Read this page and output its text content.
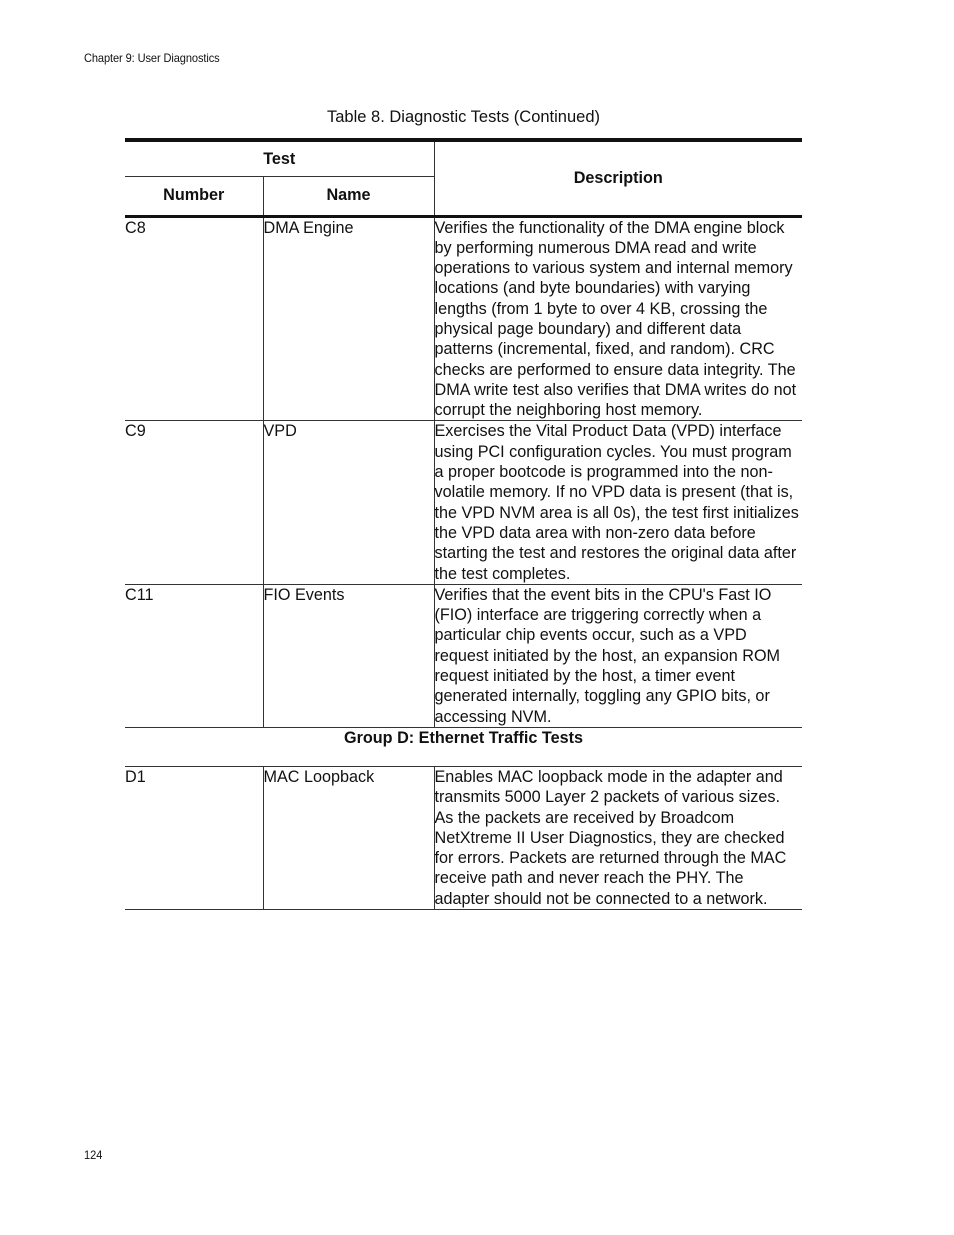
Chapter 9: User Diagnostics
Table 8. Diagnostic Tests (Continued)
Test		Description
Number	Name	
C8	DMA Engine	Verifies the functionality of the DMA engine block by performing numerous DMA read and write operations to various system and internal memory locations (and byte boundaries) with varying lengths (from 1 byte to over 4 KB, crossing the physical page boundary) and different data patterns (incremental, fixed, and random). CRC checks are performed to ensure data integrity. The DMA write test also verifies that DMA writes do not corrupt the neighboring host memory.
C9	VPD	Exercises the Vital Product Data (VPD) interface using PCI configuration cycles. You must program a proper bootcode is programmed into the non-volatile memory. If no VPD data is present (that is, the VPD NVM area is all 0s), the test first initializes the VPD data area with non-zero data before starting the test and restores the original data after the test completes.
C11	FIO Events	Verifies that the event bits in the CPU's Fast IO (FIO) interface are triggering correctly when a particular chip events occur, such as a VPD request initiated by the host, an expansion ROM request initiated by the host, a timer event generated internally, toggling any GPIO bits, or accessing NVM.
Group D: Ethernet Traffic Tests		
D1	MAC Loopback	Enables MAC loopback mode in the adapter and transmits 5000 Layer 2 packets of various sizes. As the packets are received by Broadcom NetXtreme II User Diagnostics, they are checked for errors. Packets are returned through the MAC receive path and never reach the PHY. The adapter should not be connected to a network.
124
